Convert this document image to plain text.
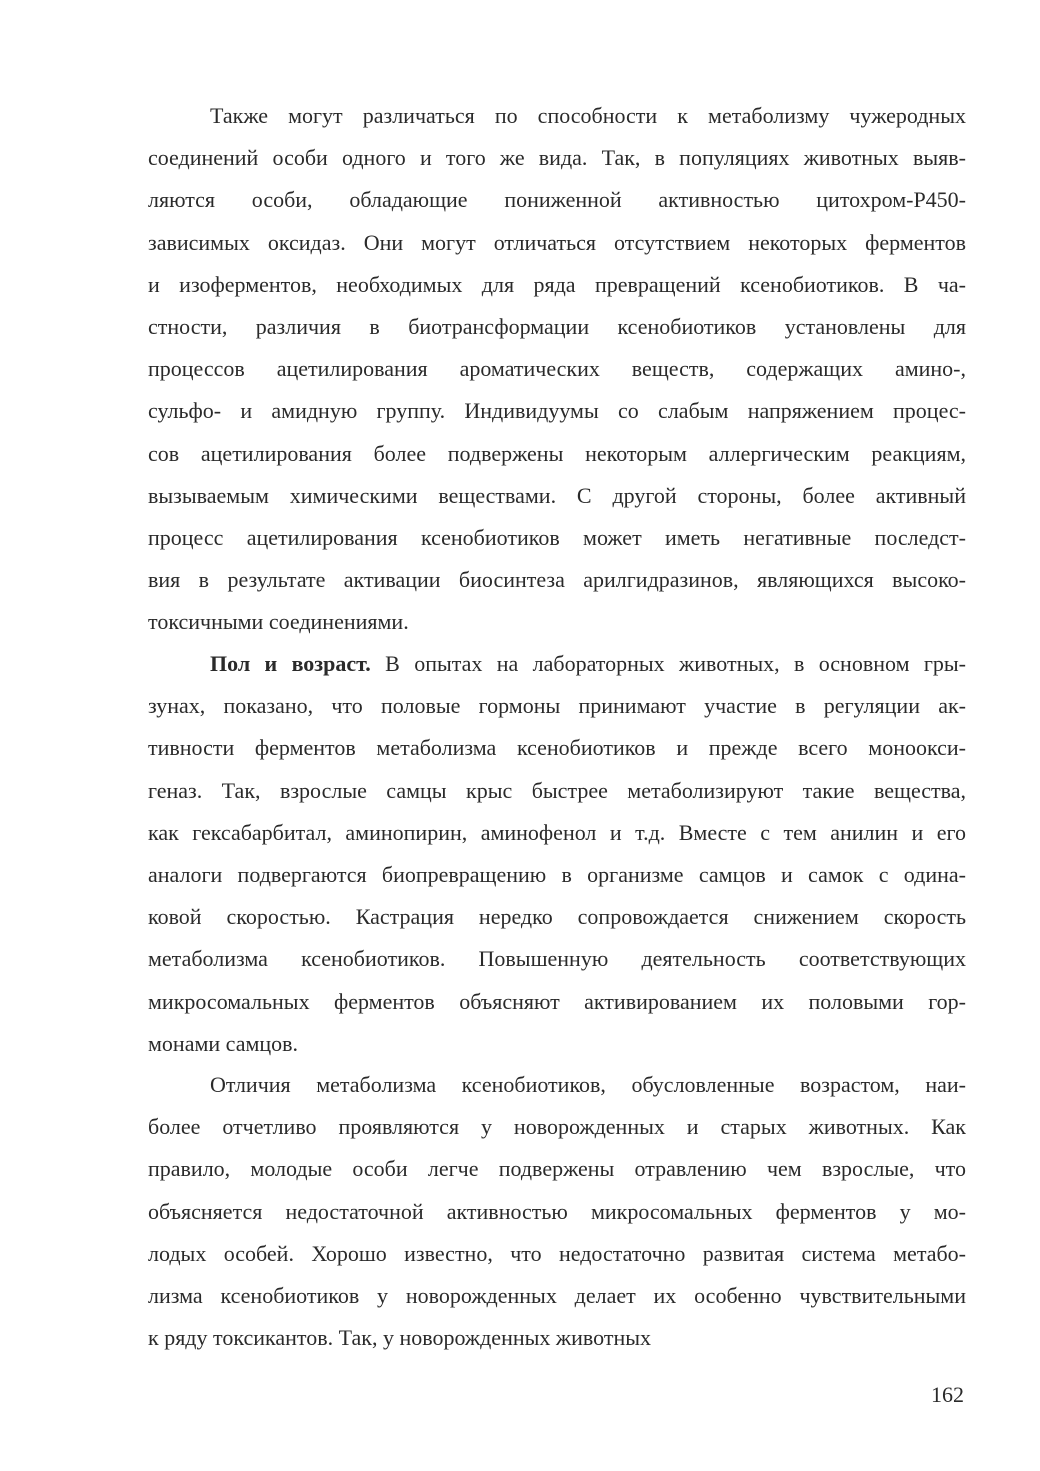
Также могут различаться по способности к метаболизму чужеродных
соединений особи одного и того же вида. Так, в популяциях животных выяв-
ляются особи, обладающие пониженной активностью цитохром-P450-
зависимых оксидаз. Они могут отличаться отсутствием некоторых ферментов
и изоферментов, необходимых для ряда превращений ксенобиотиков. В ча-
стности, различия в биотрансформации ксенобиотиков установлены для
процессов ацетилирования ароматических веществ, содержащих амино-,
сульфо- и амидную группу. Индивидуумы со слабым напряжением процес-
сов ацетилирования более подвержены некоторым аллергическим реакциям,
вызываемым химическими веществами. С другой стороны, более активный
процесс ацетилирования ксенобиотиков может иметь негативные последст-
вия в результате активации биосинтеза арилгидразинов, являющихся высоко-
токсичными соединениями.
Пол и возраст. В опытах на лабораторных животных, в основном гры-
зунах, показано, что половые гормоны принимают участие в регуляции ак-
тивности ферментов метаболизма ксенобиотиков и прежде всего моноокси-
геназ. Так, взрослые самцы крыс быстрее метаболизируют такие вещества,
как гексабарбитал, аминопирин, аминофенол и т.д. Вместе с тем анилин и его
аналоги подвергаются биопревращению в организме самцов и самок с одина-
ковой скоростью. Кастрация нередко сопровождается снижением скорость
метаболизма ксенобиотиков. Повышенную деятельность соответствующих
микросомальных ферментов объясняют активированием их половыми гор-
монами самцов.
Отличия метаболизма ксенобиотиков, обусловленные возрастом, наи-
более отчетливо проявляются у новорожденных и старых животных. Как
правило, молодые особи легче подвержены отравлению чем взрослые, что
объясняется недостаточной активностью микросомальных ферментов у мо-
лодых особей. Хорошо известно, что недостаточно развитая система метабо-
лизма ксенобиотиков у новорожденных делает их особенно чувствительными
к ряду токсикантов. Так, у новорожденных животных
162
